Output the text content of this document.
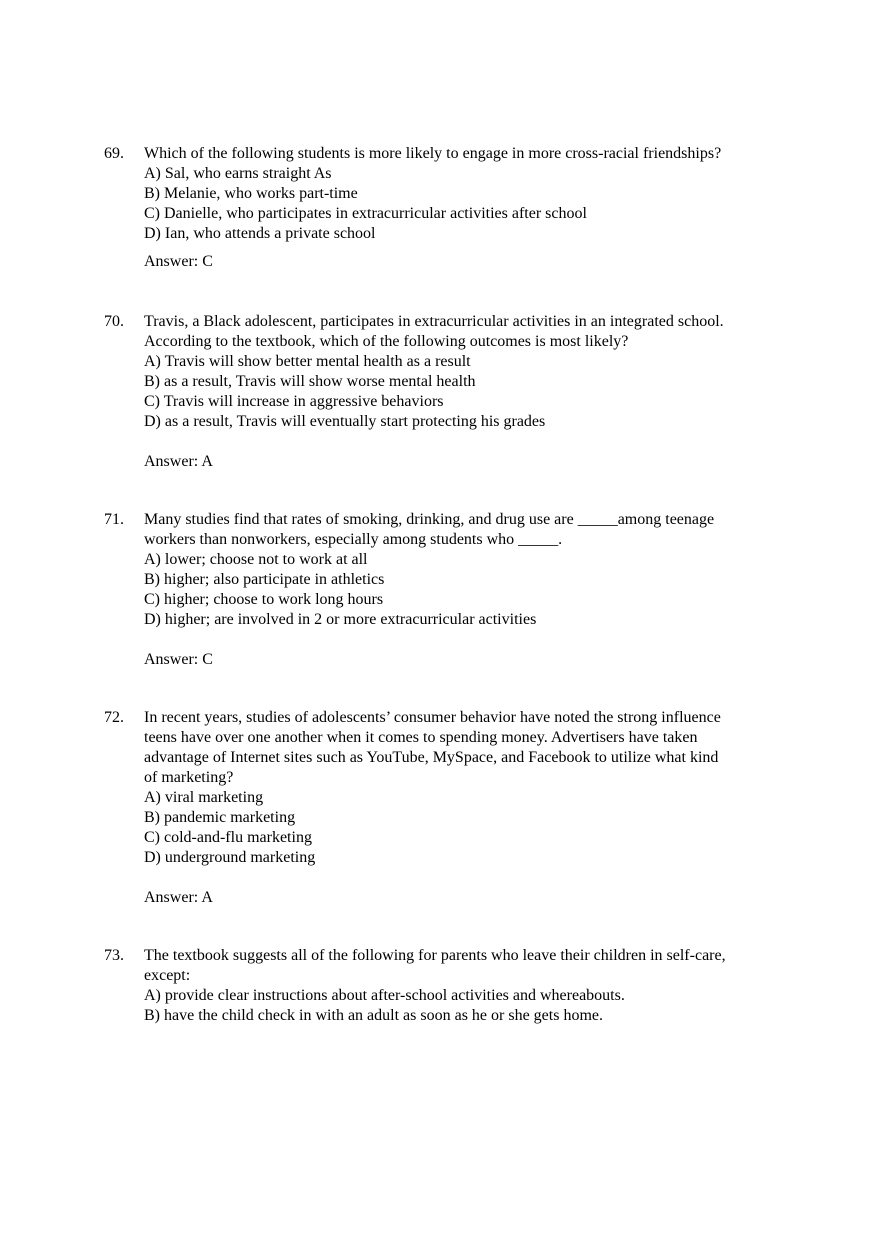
69.	Which of the following students is more likely to engage in more cross-racial friendships?
A) Sal, who earns straight As
B) Melanie, who works part-time
C) Danielle, who participates in extracurricular activities after school
D) Ian, who attends a private school
Answer: C
70.	Travis, a Black adolescent, participates in extracurricular activities in an integrated school.
According to the textbook, which of the following outcomes is most likely?
A) Travis will show better mental health as a result
B) as a result, Travis will show worse mental health
C) Travis will increase in aggressive behaviors
D) as a result, Travis will eventually start protecting his grades
Answer: A
71.	Many studies find that rates of smoking, drinking, and drug use are _____among teenage
workers than nonworkers, especially among students who _____.
A) lower; choose not to work at all
B) higher; also participate in athletics
C) higher; choose to work long hours
D) higher; are involved in 2 or more extracurricular activities
Answer: C
72.	In recent years, studies of adolescents’ consumer behavior have noted the strong influence
teens have over one another when it comes to spending money. Advertisers have taken
advantage of Internet sites such as YouTube, MySpace, and Facebook to utilize what kind
of marketing?
A) viral marketing
B) pandemic marketing
C) cold-and-flu marketing
D) underground marketing
Answer: A
73.	The textbook suggests all of the following for parents who leave their children in self-care,
except:
A) provide clear instructions about after-school activities and whereabouts.
B) have the child check in with an adult as soon as he or she gets home.
